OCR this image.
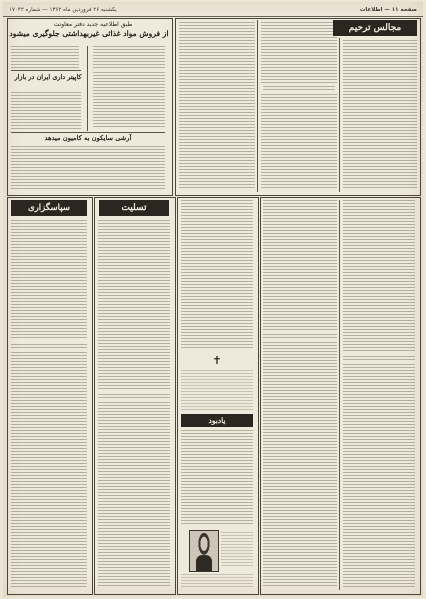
صفحه ۱۱ — اطلاعات
یکشنبه ۲۶ فروردین ماه ۱۳۶۲ — شماره ۱۷۰۴۲
طبق اطلاعیه جدید دفتر معاونت
از فروش مواد غذائی غیربهداشتی جلوگیری میشود
کاپیتر داری ایران در بازار
آرشی سایکون به کامیون میدهد
مجالس ترحیم
سپاسگزاری	تسلیت
✝
یادبود
